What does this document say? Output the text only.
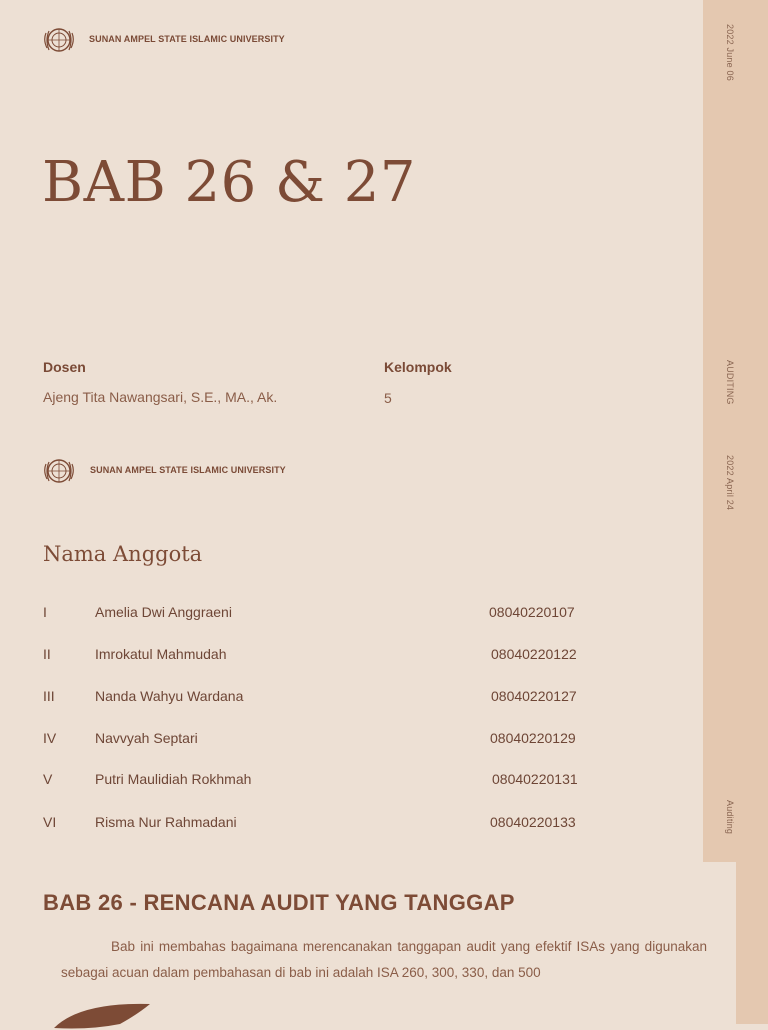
2022 June 06
AUDITING
2022 April 24
Auditing
SUNAN AMPEL STATE ISLAMIC UNIVERSITY
BAB 26 & 27
Dosen
Ajeng Tita Nawangsari, S.E., MA., Ak.
Kelompok
5
SUNAN AMPEL STATE ISLAMIC UNIVERSITY
Nama Anggota
I	Amelia Dwi Anggraeni	08040220107
II	Imrokatul Mahmudah	08040220122
III	Nanda Wahyu Wardana	08040220127
IV	Navvyah Septari	08040220129
V	Putri Maulidiah Rokhmah	08040220131
VI	Risma Nur Rahmadani	08040220133
BAB 26 - RENCANA AUDIT YANG TANGGAP

Bab ini membahas bagaimana merencanakan tanggapan audit yang efektif ISAs yang digunakan sebagai acuan dalam pembahasan di bab ini adalah ISA 260, 300, 330, dan 500
